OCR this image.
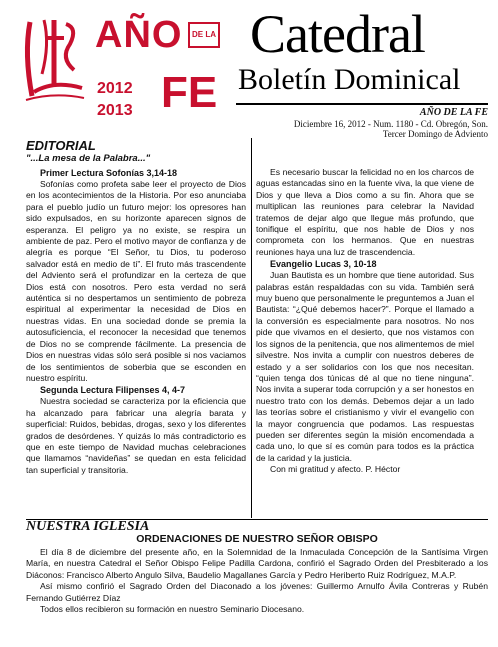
AÑO	DE LA
2012
2013 FE
Catedral
Boletín Dominical
AÑO DE LA FE
Diciembre 16, 2012 - Num. 1180 - Cd. Obregón, Son.
Tercer Domingo de Adviento
EDITORIAL
"...La mesa de la Palabra..."
Primer Lectura Sofonías 3,14-18

Sofonías como profeta sabe leer el proyecto de Dios en los acontecimientos de la Historia. Por eso anunciaba para el pueblo judío un futuro mejor: los opresores han sido expulsados, en su horizonte aparecen signos de esperanza. El peligro ya no existe, se respira un ambiente de paz. Pero el motivo mayor de confianza y de alegría es porque “El Señor, tu Dios, tu poderoso salvador está en medio de ti”. El fruto más trascendente del Adviento será el profundizar en la certeza de que Dios está con nosotros. Pero esta verdad no será auténtica si no despertamos un sentimiento de pobreza espiritual al experimentar la necesidad de Dios en nuestras vidas. En una sociedad donde se premia la autosuficiencia, el reconocer la necesidad que tenemos de Dios no se comprende fácilmente. La presencia de Dios en nuestras vidas sólo será posible si nos vaciamos de los sentimientos de soberbia que se esconden en nuestro espíritu.

Segunda Lectura Filipenses 4, 4-7

Nuestra sociedad se caracteriza por la eficiencia que ha alcanzado para fabricar una alegría barata y superficial: Ruidos, bebidas, drogas, sexo y los diferentes grados de desórdenes. Y quizás lo más contradictorio es que en este tiempo de Navidad muchas celebraciones que llamamos “navideñas” se quedan en esta felicidad tan superficial y transitoria.

Es necesario buscar la felicidad no en los charcos de aguas estancadas sino en la fuente viva, la que viene de Dios y que lleva a Dios como a su fin. Ahora que se multiplican las reuniones para celebrar la Navidad tratemos de dejar algo que llegue más profundo, que tonifique el espíritu, que nos hable de Dios y nos comprometa con los hermanos. Que en nuestras reuniones haya una luz de trascendencia.

Evangelio Lucas 3, 10-18

Juan Bautista es un hombre que tiene autoridad. Sus palabras están respaldadas con su vida. También será muy bueno que personalmente le preguntemos a Juan el Bautista: “¿Qué debemos hacer?”. Porque el llamado a la conversión es especialmente para nosotros. No nos pide que vivamos en el desierto, que nos vistamos con los signos de la penitencia, que nos alimentemos de miel silvestre. Nos invita a cumplir con nuestros deberes de estado y a ser solidarios con los que nos necesitan. “quien tenga dos túnicas dé al que no tiene ninguna”. Nos invita a superar toda corrupción y a ser honestos en nuestro trato con los demás. Debemos dejar a un lado las teorías sobre el cristianismo y vivir el evangelio con la mayor congruencia que podamos. Las respuestas pueden ser diferentes según la misión encomendada a cada uno, lo que sí es común para todos es la práctica de la caridad y la justicia.

Con mi gratitud y afecto. P. Héctor

NUESTRA IGLESIA
ORDENACIONES DE NUESTRO SEÑOR OBISPO

El día 8 de diciembre del presente año, en la Solemnidad de la Inmaculada Concepción de la Santísima Virgen María, en nuestra Catedral el Señor Obispo Felipe Padilla Cardona, confirió el Sagrado Orden del Presbiterado a los Diáconos: Francisco Alberto Angulo Silva, Baudelio Magallanes García y Pedro Heriberto Ruiz Rodríguez, M.A.P.

Así mismo confirió el Sagrado Orden del Diaconado a los jóvenes: Guillermo Arnulfo Ávila Contreras y Rubén Fernando Gutiérrez Díaz

Todos ellos recibieron su formación en nuestro Seminario Diocesano.
